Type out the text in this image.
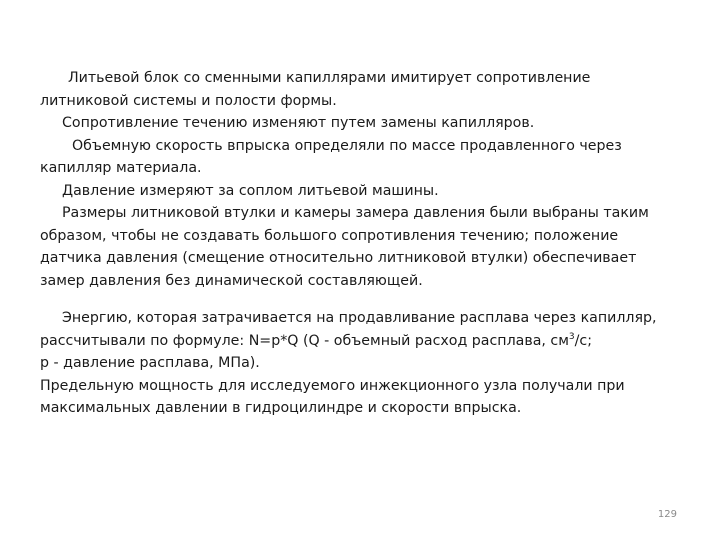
Литьевой блок со сменными капиллярами имитирует сопротивление
литниковой системы и полости формы.
Сопротивление течению изменяют путем замены капилляров.
Объемную скорость впрыска определяли по массе продавленного через
капилляр материала.
Давление измеряют за соплом литьевой машины.
Размеры литниковой втулки и камеры замера давления были выбраны таким
образом, чтобы не создавать большого сопротивления течению; положение
датчика давления (смещение относительно литниковой втулки) обеспечивает
замер давления без динамической составляющей.
Энергию, которая затрачивается на продавливание расплава через капилляр,
рассчитывали по формуле: N=p*Q (Q - объемный расход расплава, $см^3/с$;
р - давление расплава, МПа).
Предельную мощность для исследуемого инжекционного узла получали при
максимальных давлении в гидроцилиндре и скорости впрыска.
129
